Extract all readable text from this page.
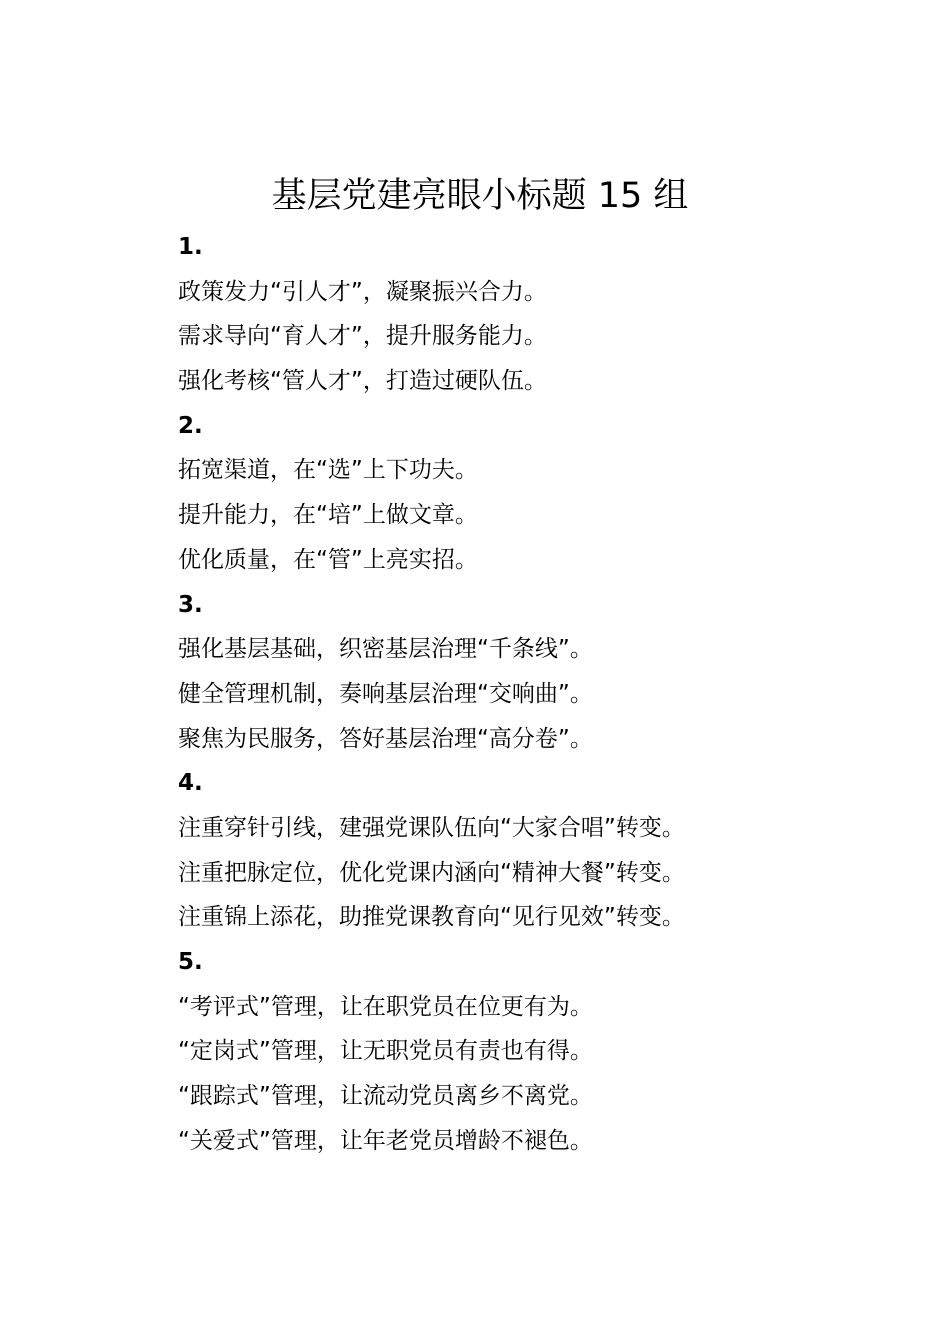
基层党建亮眼小标题 15 组
1.
政策发力“引人才”，凝聚振兴合力。
需求导向“育人才”，提升服务能力。
强化考核“管人才”，打造过硬队伍。
2.
拓宽渠道，在“选”上下功夫。
提升能力，在“培”上做文章。
优化质量，在“管”上亮实招。
3.
强化基层基础，织密基层治理“千条线”。
健全管理机制，奏响基层治理“交响曲”。
聚焦为民服务，答好基层治理“高分卷”。
4.
注重穿针引线，建强党课队伍向“大家合唱”转变。
注重把脉定位，优化党课内涵向“精神大餐”转变。
注重锦上添花，助推党课教育向“见行见效”转变。
5.
“考评式”管理，让在职党员在位更有为。
“定岗式”管理，让无职党员有责也有得。
“跟踪式”管理，让流动党员离乡不离党。
“关爱式”管理，让年老党员增龄不褪色。
